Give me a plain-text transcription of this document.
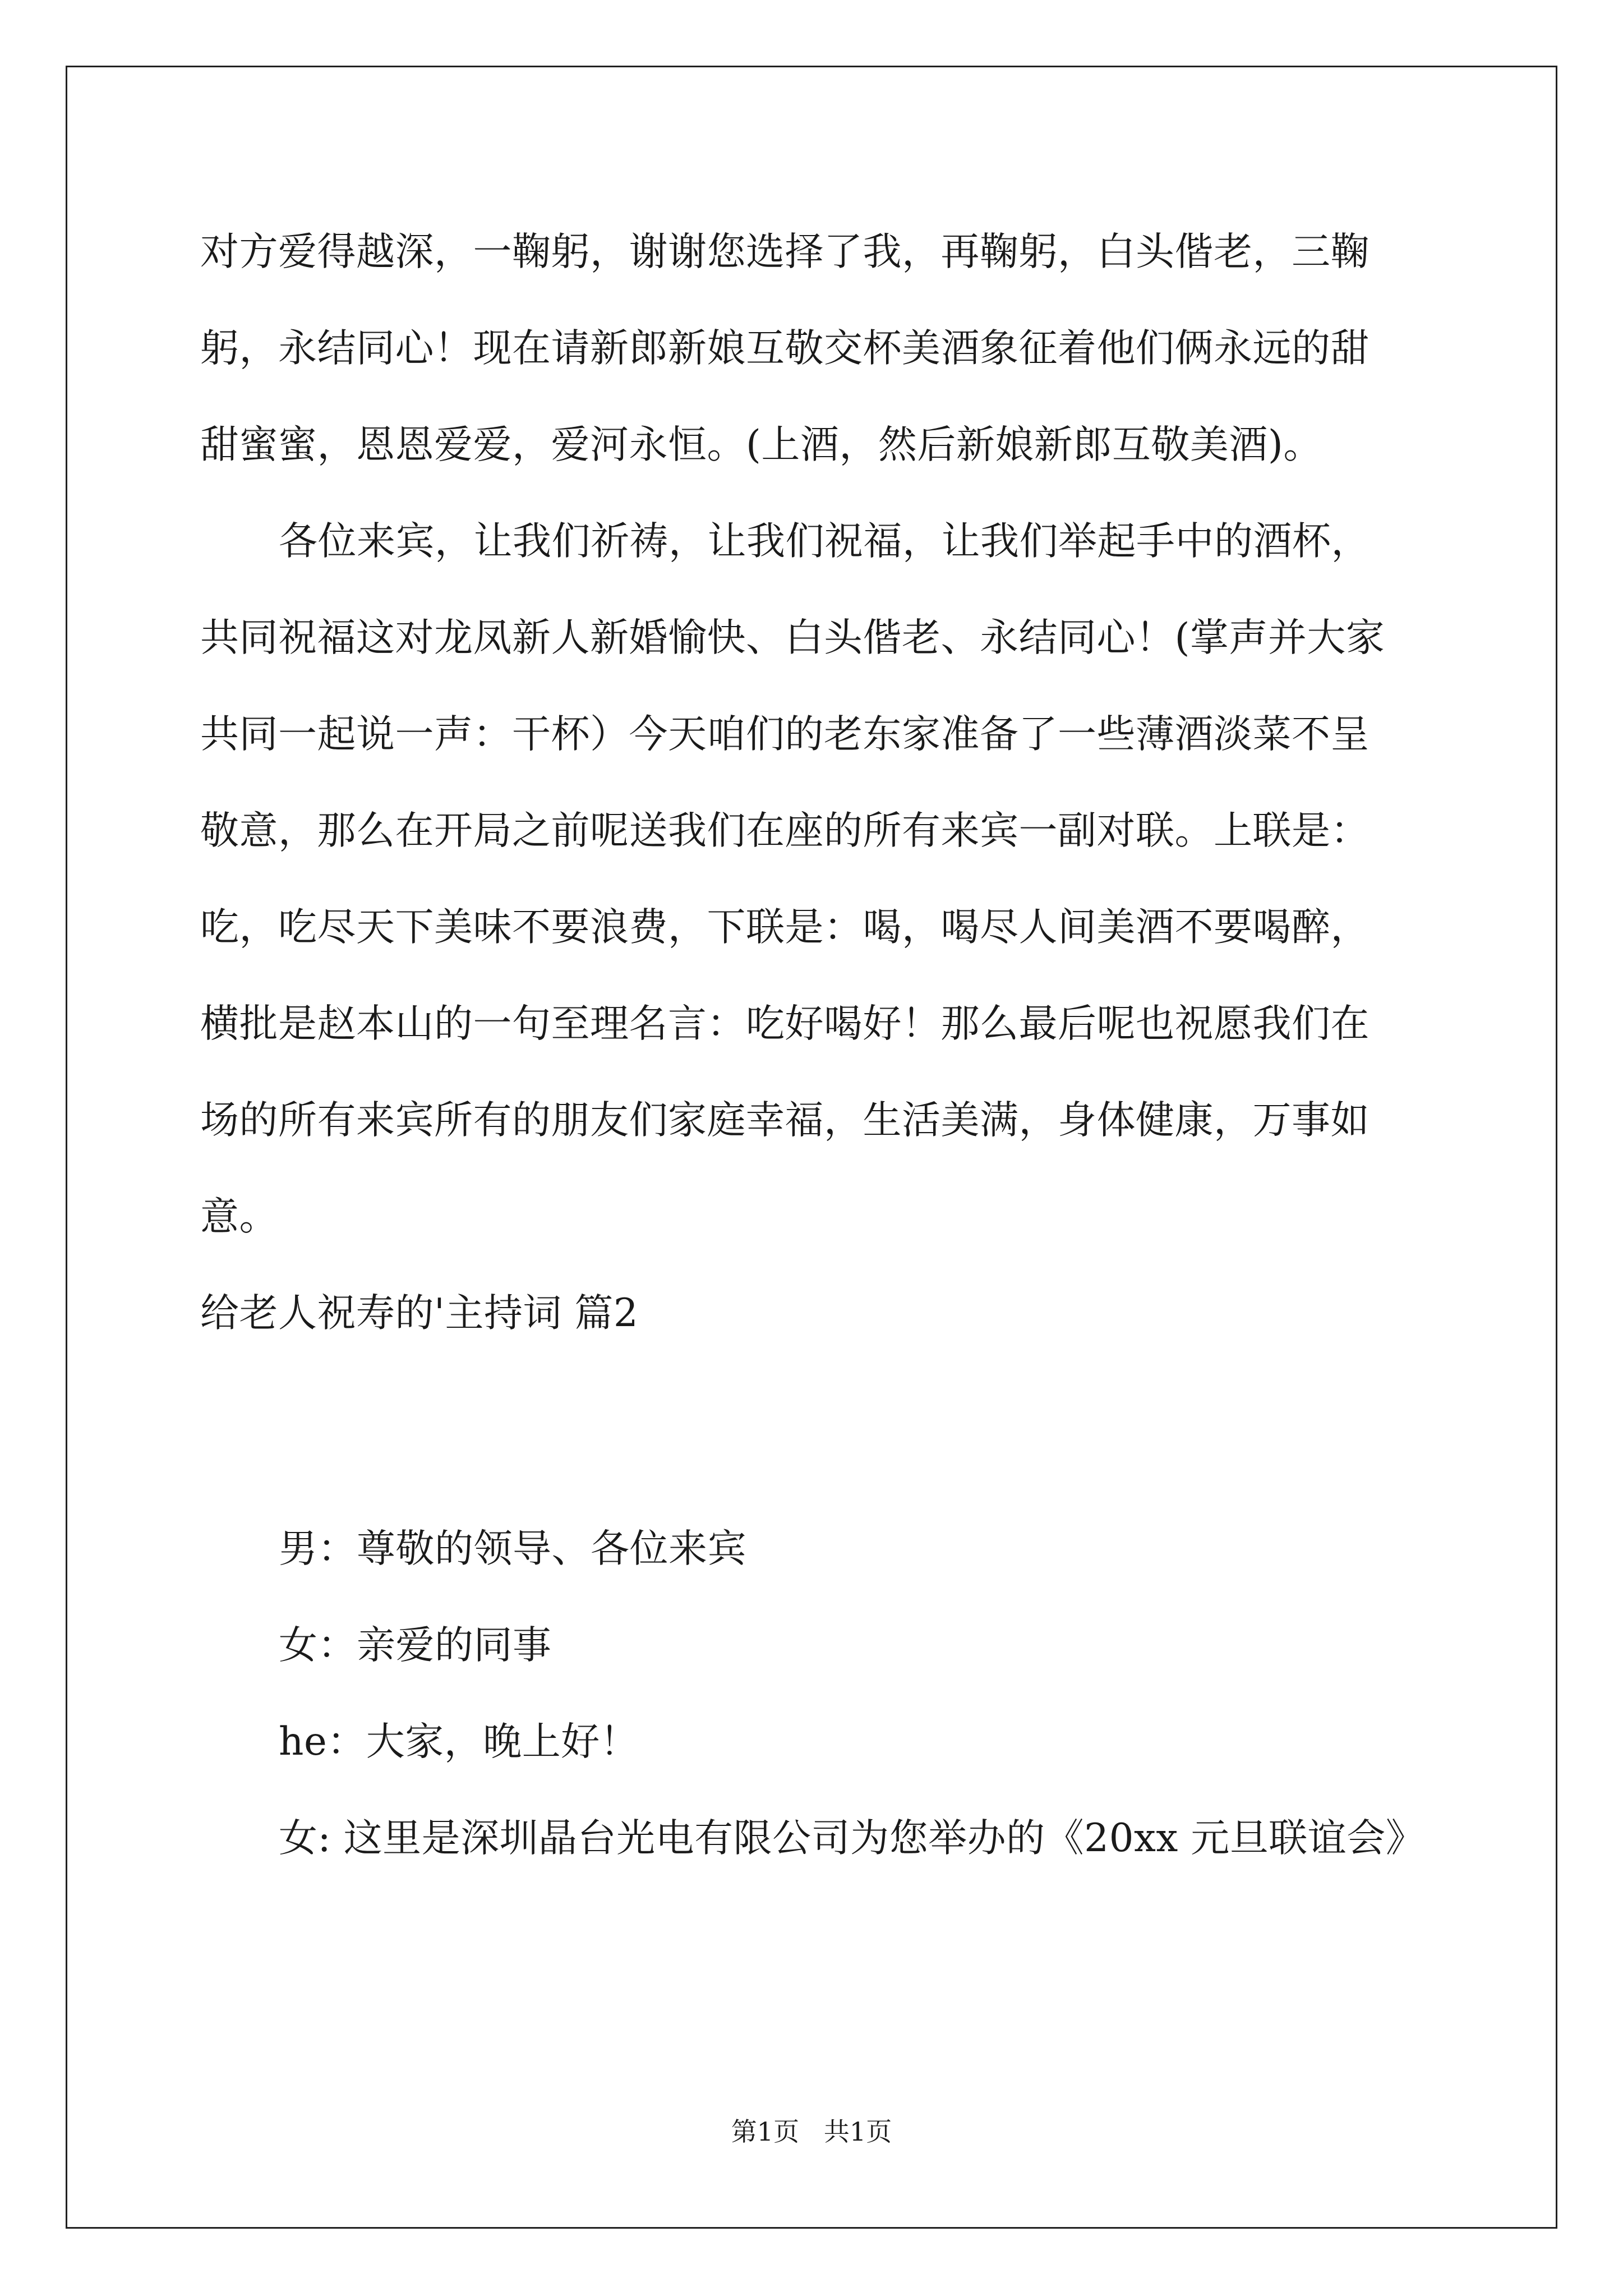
对方爱得越深，一鞠躬，谢谢您选择了我，再鞠躬，白头偕老，三鞠
躬，永结同心！现在请新郎新娘互敬交杯美酒象征着他们俩永远的甜
甜蜜蜜，恩恩爱爱，爱河永恒。(上酒，然后新娘新郎互敬美酒)。
各位来宾，让我们祈祷，让我们祝福，让我们举起手中的酒杯，
共同祝福这对龙凤新人新婚愉快、白头偕老、永结同心！(掌声并大家
共同一起说一声：干杯）今天咱们的老东家准备了一些薄酒淡菜不呈
敬意，那么在开局之前呢送我们在座的所有来宾一副对联。上联是：
吃，吃尽天下美味不要浪费，下联是：喝，喝尽人间美酒不要喝醉，
横批是赵本山的一句至理名言：吃好喝好！那么最后呢也祝愿我们在
场的所有来宾所有的朋友们家庭幸福，生活美满，身体健康，万事如
意。
给老人祝寿的'主持词 篇2
男：尊敬的领导、各位来宾
女：亲爱的同事
he：大家，晚上好！
女: 这里是深圳晶台光电有限公司为您举办的《20xx 元旦联谊会》
第1页   共1页
